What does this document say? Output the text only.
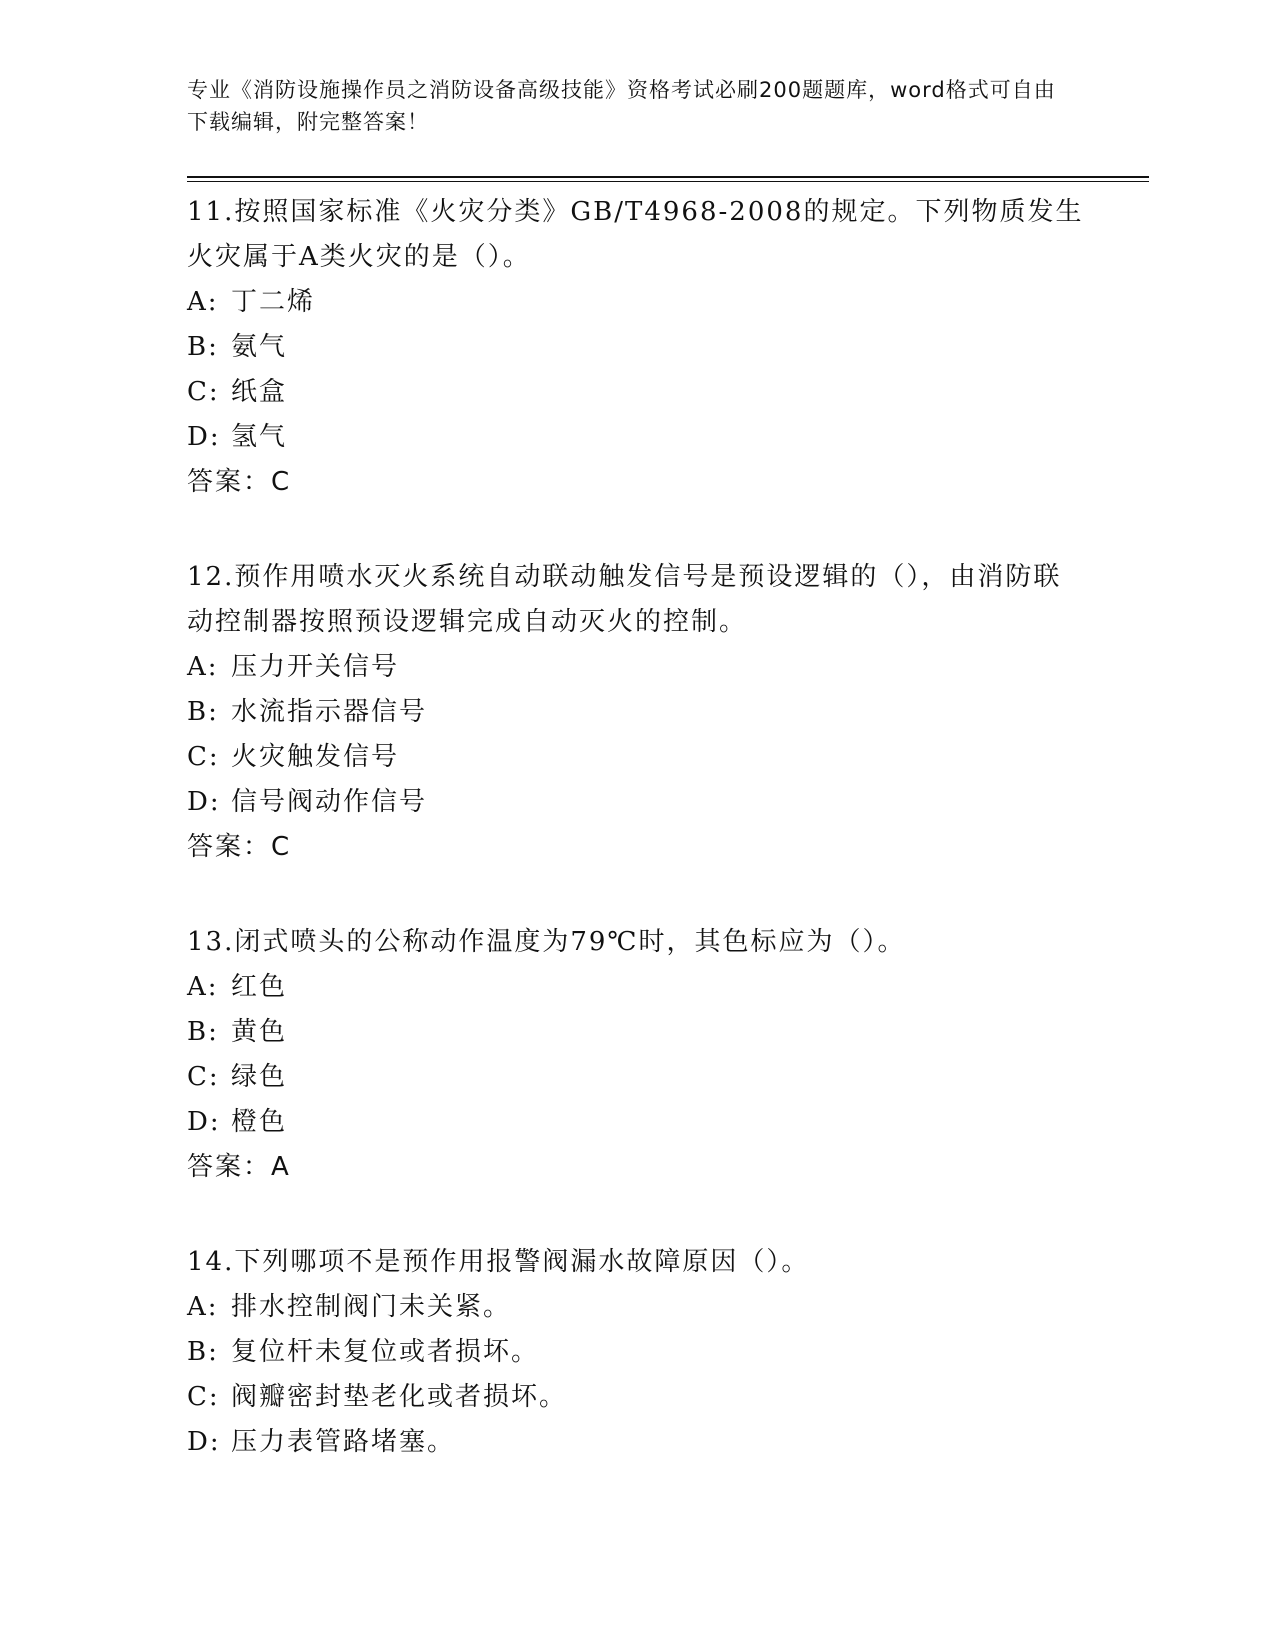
专业《消防设施操作员之消防设备高级技能》资格考试必刷200题题库，word格式可自由下载编辑，附完整答案！

11.按照国家标准《火灾分类》GB/T4968-2008的规定。下列物质发生火灾属于A类火灾的是（）。

A: 丁二烯

B: 氨气

C: 纸盒

D: 氢气

答案：C

12.预作用喷水灭火系统自动联动触发信号是预设逻辑的（），由消防联动控制器按照预设逻辑完成自动灭火的控制。

A: 压力开关信号

B: 水流指示器信号

C: 火灾触发信号

D: 信号阀动作信号

答案：C

13.闭式喷头的公称动作温度为79℃时，其色标应为（）。

A: 红色

B: 黄色

C: 绿色

D: 橙色

答案：A

14.下列哪项不是预作用报警阀漏水故障原因（）。

A: 排水控制阀门未关紧。

B: 复位杆未复位或者损坏。

C: 阀瓣密封垫老化或者损坏。

D: 压力表管路堵塞。
